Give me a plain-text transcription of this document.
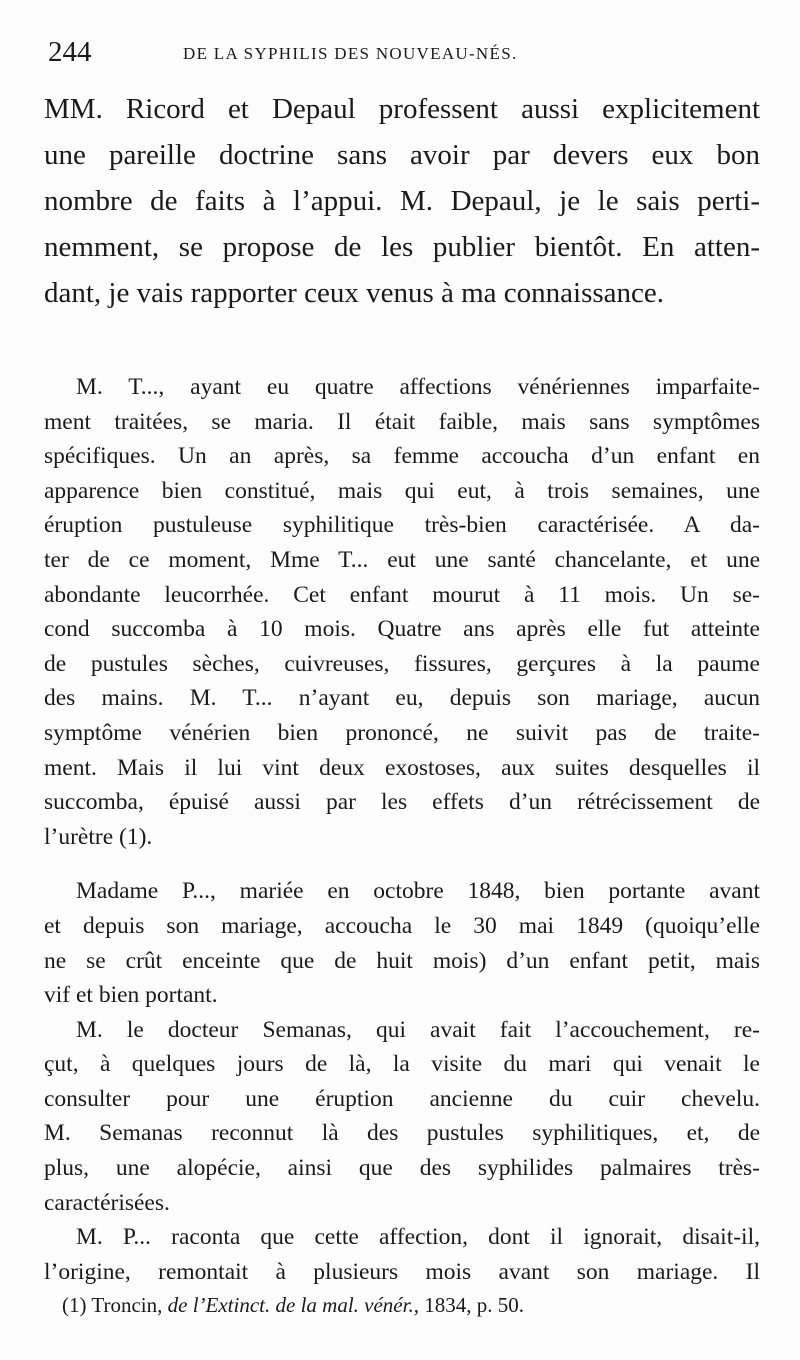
244	DE LA SYPHILIS DES NOUVEAU-NÉS.

MM. Ricord et Depaul professent aussi explicitement

une pareille doctrine sans avoir par devers eux bon

nombre de faits à l’appui. M. Depaul, je le sais perti-

nemment, se propose de les publier bientôt. En atten-

dant, je vais rapporter ceux venus à ma connaissance.

M. T..., ayant eu quatre affections vénériennes imparfaite-
ment traitées, se maria. Il était faible, mais sans symptômes
spécifiques. Un an après, sa femme accoucha d’un enfant en
apparence bien constitué, mais qui eut, à trois semaines, une
éruption pustuleuse syphilitique très-bien caractérisée. A da-
ter de ce moment, Mme T... eut une santé chancelante, et une
abondante leucorrhée. Cet enfant mourut à 11 mois. Un se-
cond succomba à 10 mois. Quatre ans après elle fut atteinte
de pustules sèches, cuivreuses, fissures, gerçures à la paume
des mains. M. T... n’ayant eu, depuis son mariage, aucun
symptôme vénérien bien prononcé, ne suivit pas de traite-
ment. Mais il lui vint deux exostoses, aux suites desquelles il
succomba, épuisé aussi par les effets d’un rétrécissement de
l’urètre (1).
Madame P..., mariée en octobre 1848, bien portante avant
et depuis son mariage, accoucha le 30 mai 1849 (quoiqu’elle
ne se crût enceinte que de huit mois) d’un enfant petit, mais
vif et bien portant.
M. le docteur Semanas, qui avait fait l’accouchement, re-
çut, à quelques jours de là, la visite du mari qui venait le
consulter pour une éruption ancienne du cuir chevelu.
M. Semanas reconnut là des pustules syphilitiques, et, de
plus, une alopécie, ainsi que des syphilides palmaires très-
caractérisées.
M. P... raconta que cette affection, dont il ignorait, disait-il,
l’origine, remontait à plusieurs mois avant son mariage. Il
(1) Troncin, de l’Extinct. de la mal. vénér., 1834, p. 50.
